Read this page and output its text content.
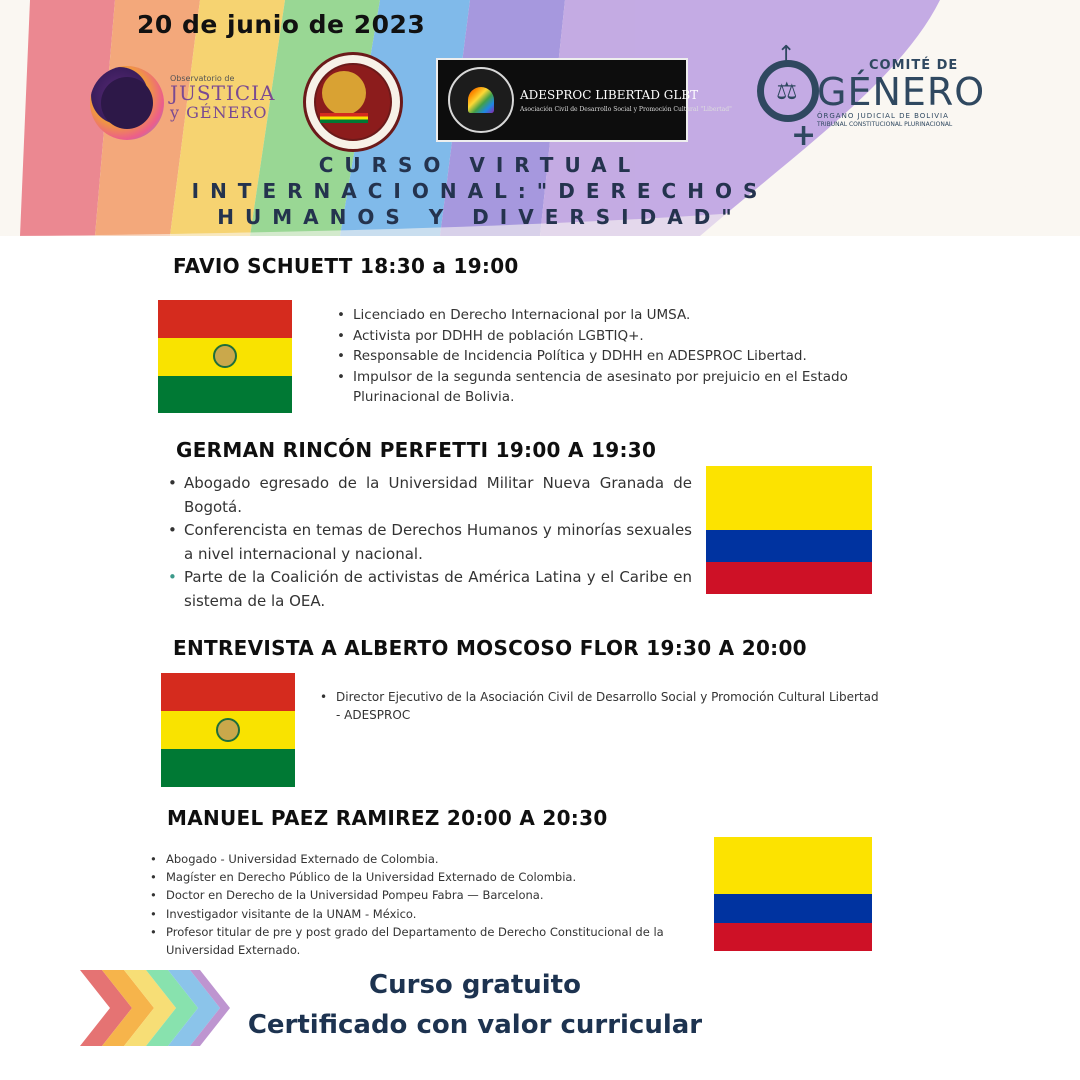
20 de junio de 2023
Observatorio de
JUSTICIA
y GÉNERO
ADESPROC LIBERTAD GLBT
Asociación Civil de Desarrollo Social y Promoción Cultural "Libertad"
⚖
↑
+
COMITÉ DE
GÉNERO
ÓRGANO JUDICIAL DE BOLIVIA
TRIBUNAL CONSTITUCIONAL PLURINACIONAL
CURSO VIRTUAL INTERNACIONAL:"DERECHOS HUMANOS Y DIVERSIDAD"
FAVIO SCHUETT 18:30 a 19:00
• Licenciado en Derecho Internacional por la UMSA.
• Activista por DDHH de población LGBTIQ+.
• Responsable de Incidencia Política y DDHH en ADESPROC Libertad.
• Impulsor de la segunda sentencia de asesinato por prejuicio en el Estado Plurinacional de Bolivia.
GERMAN RINCÓN PERFETTI 19:00 A 19:30
• Abogado egresado de la Universidad Militar Nueva Granada de Bogotá.
• Conferencista en temas de Derechos Humanos y minorías sexuales a nivel internacional y nacional.
• Parte de la Coalición de activistas de América Latina y el Caribe en sistema de la OEA.
ENTREVISTA A ALBERTO MOSCOSO FLOR 19:30 A 20:00
• Director Ejecutivo de la Asociación Civil de Desarrollo Social y Promoción Cultural Libertad - ADESPROC
MANUEL PAEZ RAMIREZ 20:00 A 20:30
• Abogado - Universidad Externado de Colombia.
• Magíster en Derecho Público de la Universidad Externado de Colombia.
• Doctor en Derecho de la Universidad Pompeu Fabra — Barcelona.
• Investigador visitante de la UNAM - México.
• Profesor titular de pre y post grado del Departamento de Derecho Constitucional de la Universidad Externado.
Curso gratuito
Certificado con valor curricular
